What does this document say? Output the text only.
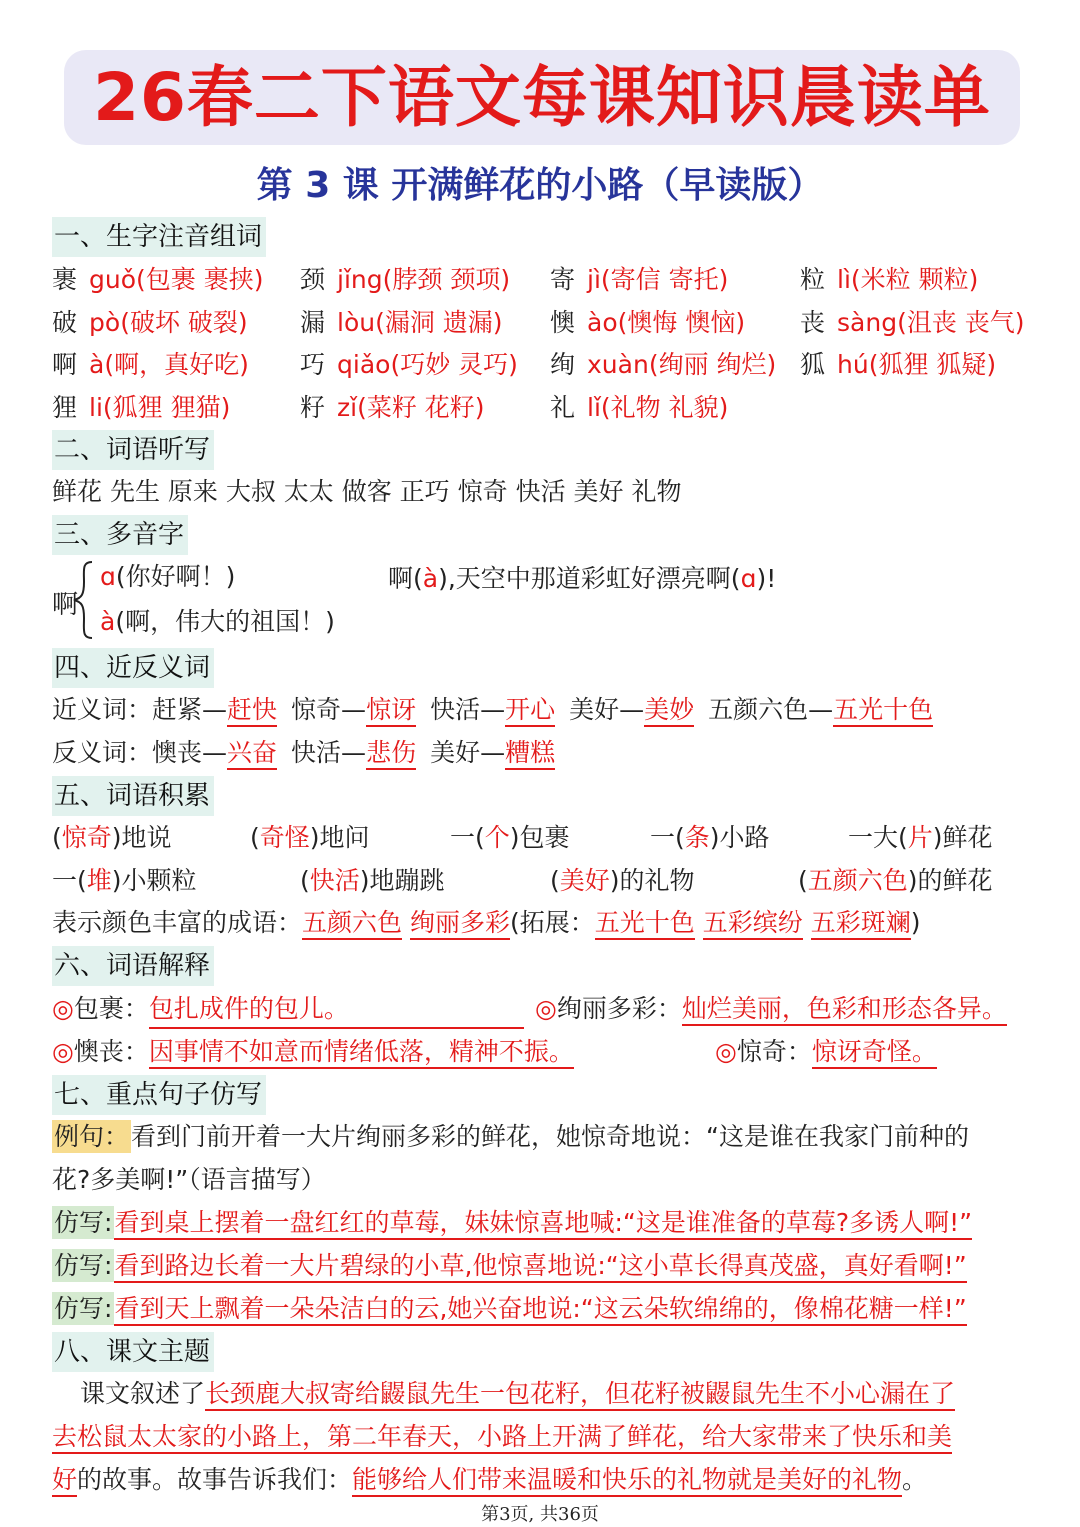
26春二下语文每课知识晨读单
第 3 课 开满鲜花的小路（早读版）
一、生字注音组词
裹 guǒ(包裹 裹挟) 颈 jǐng(脖颈 颈项) 寄 jì(寄信 寄托)	粒 lì(米粒 颗粒)
破 pò(破坏 破裂) 漏 lòu(漏洞 遗漏) 懊 ào(懊悔 懊恼) 丧 sàng(沮丧 丧气)
啊 à(啊，真好吃) 巧 qiǎo(巧妙 灵巧) 绚 xuàn(绚丽 绚烂) 狐 hú(狐狸 狐疑)
狸 li(狐狸 狸猫)	籽 zǐ(菜籽 花籽)	礼 lǐ(礼物 礼貌)
二、词语听写
鲜花 先生 原来 大叔 太太 做客 正巧 惊奇 快活 美好 礼物
三、多音字
啊
ɑ(你好啊！)
à(啊，伟大的祖国！)
啊(à),天空中那道彩虹好漂亮啊(ɑ)!
四、近反义词
近义词：赶紧—赶快 惊奇—惊讶 快活—开心 美好—美妙 五颜六色—五光十色
反义词：懊丧—兴奋 快活—悲伤 美好—糟糕
五、词语积累
(惊奇)地说	(奇怪)地问	一(个)包裹	一(条)小路	一大(片)鲜花
一(堆)小颗粒	(快活)地蹦跳	(美好)的礼物	(五颜六色)的鲜花
表示颜色丰富的成语：五颜六色 绚丽多彩(拓展：五光十色 五彩缤纷 五彩斑斓)
六、词语解释
◎包裹：包扎成件的包儿。	◎绚丽多彩：灿烂美丽，色彩和形态各异。
◎懊丧：因事情不如意而情绪低落，精神不振。	◎惊奇：惊讶奇怪。
七、重点句子仿写
例句：看到门前开着一大片绚丽多彩的鲜花，她惊奇地说：“这是谁在我家门前种的
花?多美啊!”（语言描写）
仿写:看到桌上摆着一盘红红的草莓，妹妹惊喜地喊:“这是谁准备的草莓?多诱人啊!”
仿写:看到路边长着一大片碧绿的小草,他惊喜地说:“这小草长得真茂盛，真好看啊!”
仿写:看到天上飘着一朵朵洁白的云,她兴奋地说:“这云朵软绵绵的，像棉花糖一样!”
八、课文主题
课文叙述了长颈鹿大叔寄给鼹鼠先生一包花籽，但花籽被鼹鼠先生不小心漏在了
去松鼠太太家的小路上，第二年春天，小路上开满了鲜花，给大家带来了快乐和美
好的故事。故事告诉我们：能够给人们带来温暖和快乐的礼物就是美好的礼物。
第3页, 共36页
